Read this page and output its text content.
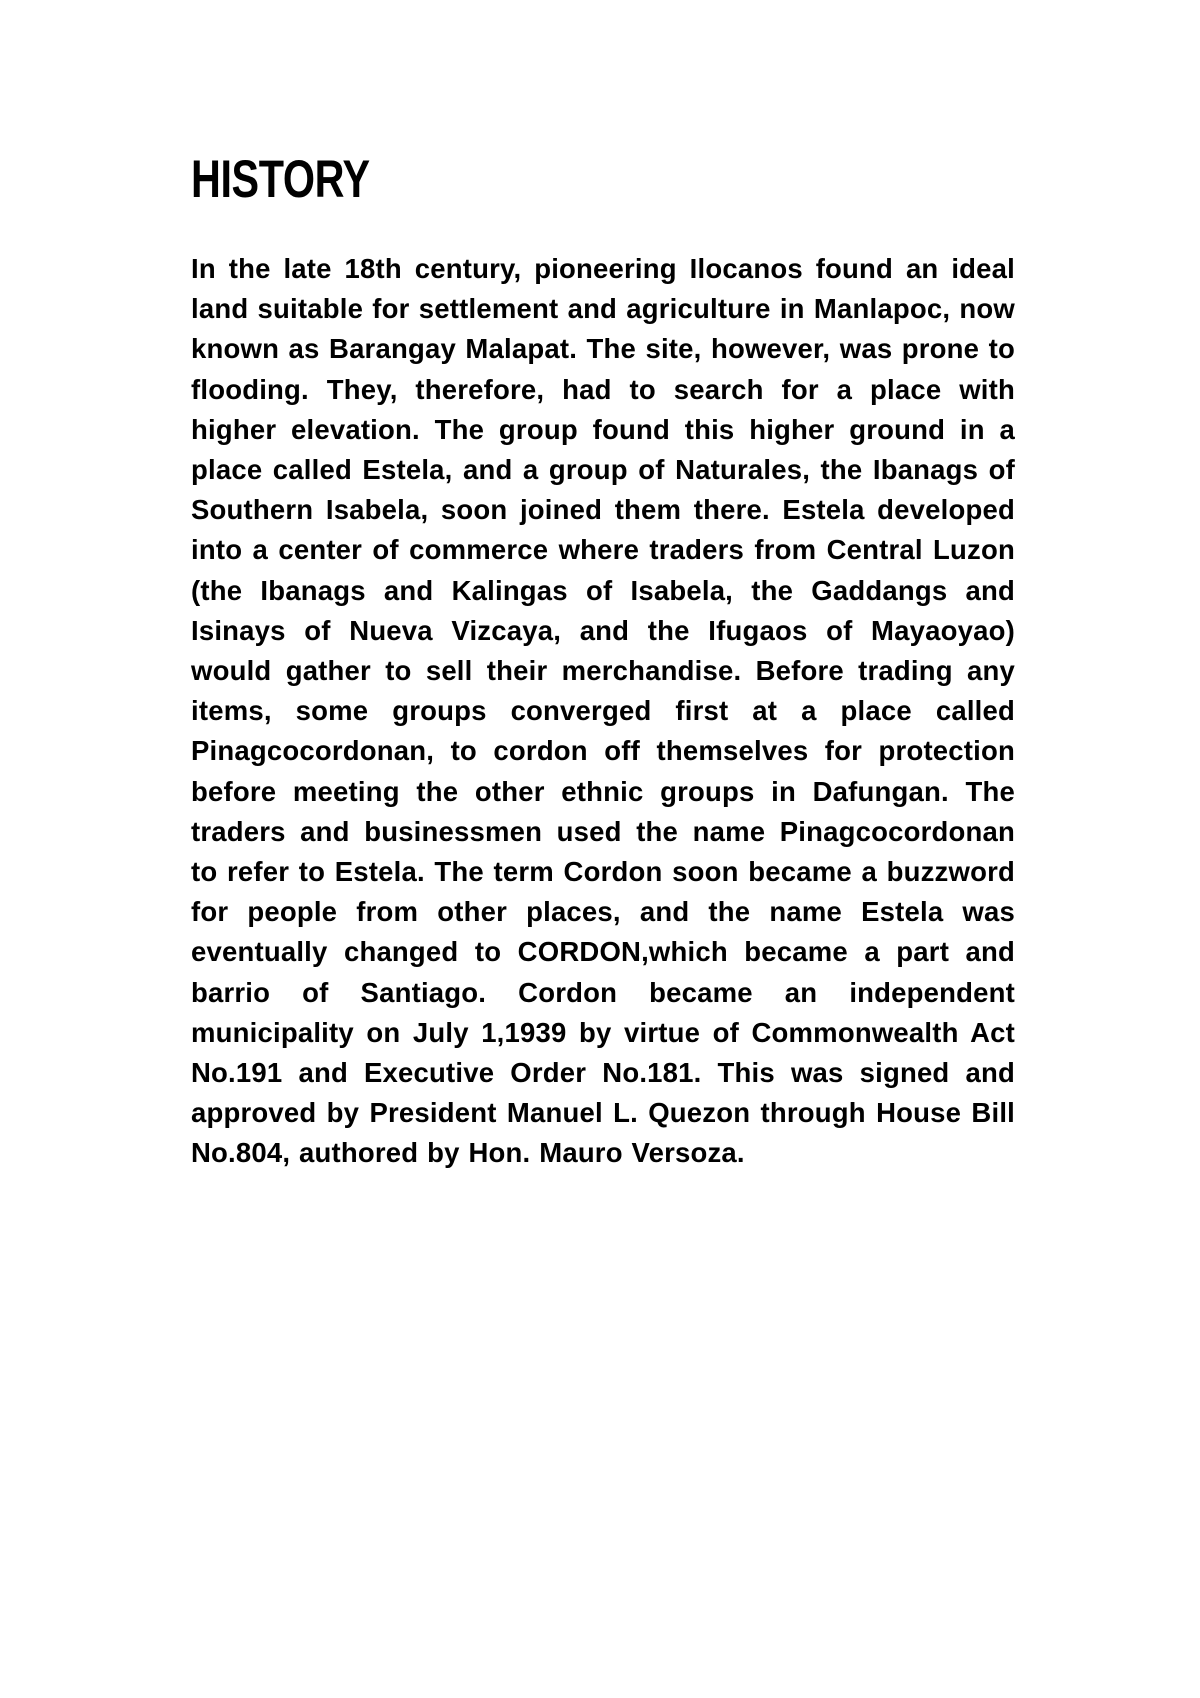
HISTORY

In the late 18th century, pioneering Ilocanos found an ideal land suitable for settlement and agriculture in Manlapoc, now known as Barangay Malapat. The site, however, was prone to flooding. They, therefore, had to search for a place with higher elevation. The group found this higher ground in a place called Estela, and a group of Naturales, the Ibanags of Southern Isabela, soon joined them there. Estela developed into a center of commerce where traders from Central Luzon (the Ibanags and Kalingas of Isabela, the Gaddangs and Isinays of Nueva Vizcaya, and the Ifugaos of Mayaoyao) would gather to sell their merchandise. Before trading any items, some groups converged first at a place called Pinagcocordonan, to cordon off themselves for protection before meeting the other ethnic groups in Dafungan. The traders and businessmen used the name Pinagcocordonan to refer to Estela. The term Cordon soon became a buzzword for people from other places, and the name Estela was eventually changed to CORDON,which became a part and barrio of Santiago. Cordon became an independent municipality on July 1,1939 by virtue of Commonwealth Act No.191 and Executive Order No.181. This was signed and approved by President Manuel L. Quezon through House Bill No.804, authored by Hon. Mauro Versoza.
